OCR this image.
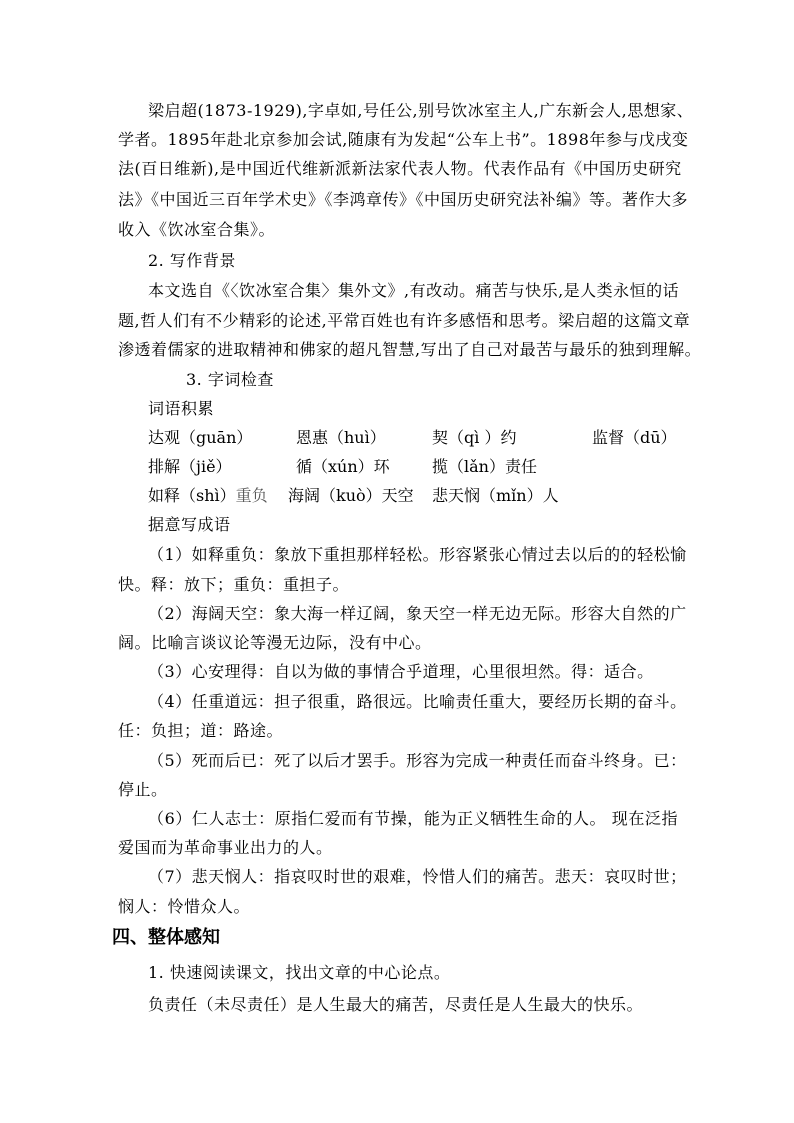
梁启超(1873-1929),字卓如,号任公,别号饮冰室主人,广东新会人,思想家、
学者。1895年赴北京参加会试,随康有为发起“公车上书”。1898年参与戊戌变
法(百日维新),是中国近代维新派新法家代表人物。代表作品有《中国历史研究
法》《中国近三百年学术史》《李鸿章传》《中国历史研究法补编》等。著作大多
收入《饮冰室合集》。
2. 写作背景
本文选自《〈饮冰室合集〉集外文》,有改动。痛苦与快乐,是人类永恒的话
题,哲人们有不少精彩的论述,平常百姓也有许多感悟和思考。梁启超的这篇文章
渗透着儒家的进取精神和佛家的超凡智慧,写出了自己对最苦与最乐的独到理解。
3. 字词检查
词语积累
达观（guān）	恩惠（huì）	契（qì ）约	监督（dū）
排解（jiě）	循（xún）环	揽（lǎn）责任
如释（shì）重负 海阔（kuò）天空 悲天悯（mǐn）人
据意写成语
（1）如释重负：象放下重担那样轻松。形容紧张心情过去以后的的轻松愉
快。释：放下；重负：重担子。
（2）海阔天空：象大海一样辽阔，象天空一样无边无际。形容大自然的广
阔。比喻言谈议论等漫无边际，没有中心。
（3）心安理得：自以为做的事情合乎道理，心里很坦然。得：适合。
（4）任重道远：担子很重，路很远。比喻责任重大，要经历长期的奋斗。
任：负担；道：路途。
（5）死而后已：死了以后才罢手。形容为完成一种责任而奋斗终身。已：
停止。
（6）仁人志士：原指仁爱而有节操，能为正义牺牲生命的人。 现在泛指
爱国而为革命事业出力的人。
（7）悲天悯人：指哀叹时世的艰难，怜惜人们的痛苦。悲天：哀叹时世；
悯人：怜惜众人。
四、整体感知
1. 快速阅读课文，找出文章的中心论点。
负责任（未尽责任）是人生最大的痛苦，尽责任是人生最大的快乐。
